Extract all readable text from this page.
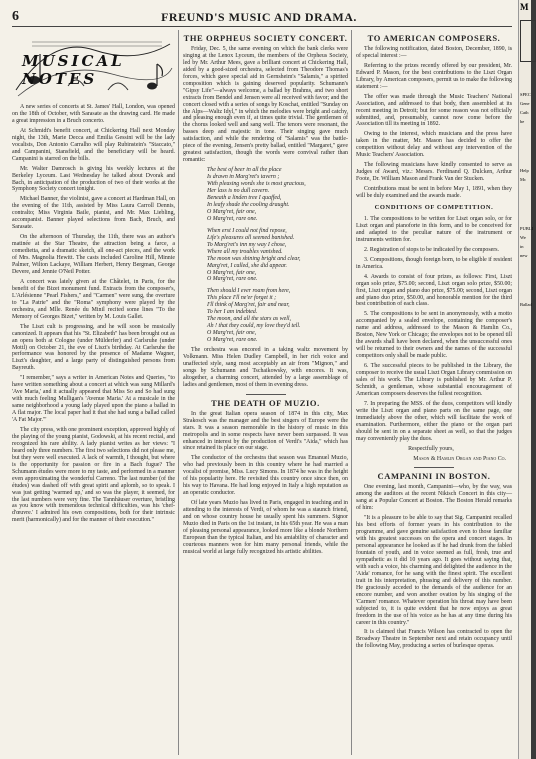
6	FREUND'S MUSIC AND DRAMA.
MUSICAL NOTES

A new series of concerts at St. James' Hall, London, was opened on the 18th of October, with Sarasate as the drawing card. He made a great impression in a Bruch concerto.

At Schmidt's benefit concert, at Chickering Hall next Monday night, the 13th, Marie Decca and Emilia Gessini will be the lady vocalists, Don Antonio Carralho will play Rubinstein's "Staccato," and Campanini, Stansfield, and the beneficiary will be heard. Campanini is starred on the bills.

Mr. Walter Damrosch is giving his weekly lectures at the Berkeley Lyceum. Last Wednesday he talked about Dvorak and Bach, in anticipation of the production of two of their works at the Symphony Society concert tonight.

Michael Banner, the violinist, gave a concert at Hardman Hall, on the evening of the 11th, assisted by Miss Laura Carroll Dennis, contralto; Miss Virginia Baile, pianist, and Mr. Max Liebling, accompanist. Banner played selections from Bach, Bruch, and Sarasate.

On the afternoon of Thursday, the 11th, there was an author's matinée at the Star Theatre, the attraction being a farce, a comedietta, and a dramatic sketch, all one-act pieces, and the work of Mrs. Magnolia Hewitt. The casts included Caroline Hill, Minnie Palmer, Wilton Lackaye, William Herbert, Henry Bergman, George Devere, and Jennie O'Neil Potter.

A concert was lately given at the Châtelet, in Paris, for the benefit of the Bizet monument fund. Extracts from the composer's, L'Arlésienne "Pearl Fishers," and "Carmen" were sung, the overture to "La Patrie" and the "Roma" symphony were played by the orchestra, and Mlle. Renée du Minil recited some lines "To the Memory of Georges Bizet," written by M. Louis Gallet.

The Liszt cult is progressing, and he will soon be musically canonized. It appears that his "St. Elizabeth" has been brought out as an opera both at Cologne (under Mülderfer) and Carlsruhe (under Mottl) on October 21, the eve of Liszt's birthday. At Carlsruhe the performance was honored by the presence of Madame Wagner, Liszt's daughter, and a large party of distinguished persons from Bayreuth.

"I remember," says a writer in American Notes and Queries, "to have written something about a concert at which was sung Millard's 'Ave Maria,' and it actually appeared that Miss So and So had sung with much feeling Mulligan's 'Avenue Maria.' At a musicale in the same neighborhood a young lady played upon the piano a ballad in A flat major. The local paper had it that she had sung a ballad called 'A Fat Major.'"

The city press, with one prominent exception, approved highly of the playing of the young pianist, Godowski, at his recent recital, and recognized his rare ability. A lady pianist writes as her views: "I heard only three numbers. The first two selections did not please me, but they were well executed. A lack of warmth, I thought, but where is the opportunity for passion or fire in a Bach fugue? The Schumann études were more to my taste, and performed in a manner even approximating the wonderful Carreno. The last number (of the études) was dashed off with great spirit and aplomb, so to speak. I was just getting 'warmed up,' and so was the player, it seemed, for the last numbers were very fine. The Tannhäuser overture, bristling as you know with tremendous technical difficulties, was his 'chef-d'œuvre.' I admired his own compositions, both for their intrinsic merit (harmonically) and for the manner of their execution."

THE ORPHEUS SOCIETY CONCERT.

Friday, Dec. 5, the same evening on which the bank clerks were singing at the Lenox Lyceum, the members of the Orpheus Society, led by Mr. Arthur Mees, gave a brilliant concert at Chickering Hall, aided by a good-sized orchestra, selected from Theodore Thomas's forces, which gave special aid in Gernsheim's "Salamis," a spirited composition which is gaining deserved popularity. Schumann's "Gipsy Life"—always welcome, a ballad by Brahms, and two short extracts from Bendel and Jensen were all received with favor; and the concert closed with a series of songs by Koschat, entitled "Sunday on the Alps—Waltz Idyl," in which the melodies were bright and catchy, and pleasing enough even if, at times quite trivial. The gentlemen of the chorus looked well and sang well. The tenors were resonant, the basses deep and majestic in tone. Their singing gave much satisfaction, and while the rendering of "Salamis" was the battle-piece of the evening, Jensen's pretty ballad, entitled "Margaret," gave greatest satisfaction, though the words were convival rather than romantic:

The best of beer in all the place
Is drawn in Marg'ret's tavern ;
With pleasing words she is most gracious,
Her lass is no dull cavern.
Beneath a linden tree I quaffed,
In leafy shade the cooling draught.
O Marg'ret, fair one,
O Marg'ret, rare one.
When erst I could not find repose,
Life's pleasures all seemed banished.
To Marg'ret's inn my way I chose,
Where all my troubles vanished.
The moon was shining bright and clear,
Marg'ret, I called, she did appear.
O Marg'ret, fair one,
O Marg'ret, rare one.
Then should I ever roam from here,
This place I'll ne'er forget it ;
I'll think of Marg'ret, fair and near,
To her I am indebted.
The moon, and all the stars as well,
Ah ! that they could, my love they'd tell.
O Marg'ret, fair one,
O Marg'ret, rare one.

The orchestra was encored in a taking waltz movement by Volkmann. Miss Helen Dudley Campbell, in her rich voice and unaffected style, sang most acceptably an air from "Mignon," and songs by Schumann and Tschaikowsky, with encores. It was, altogether, a charming concert, attended by a large assemblage of ladies and gentlemen, most of them in evening dress.

THE DEATH OF MUZIO.

In the great Italian opera season of 1874 in this city, Max Strakosch was the manager and the best singers of Europe were the stars. It was a season memorable in the history of music in this metropolis and in some respects have never been surpassed. It was enhanced in interest by the production of Verdi's "Aida," which has since retained its place on our stage.

The conductor of the orchestra that season was Emanuel Muzio, who had previously been in this country where he had married a vocalist of promise, Miss. Lucy Simons. In 1874 he was in the height of his popularity here. He revisited this country once since then, on his way to Havana. He had long enjoyed in Italy a high reputation as an operatic conductor.

Of late years Muzio has lived in Paris, engaged in teaching and in attending to the interests of Verdi, of whom he was a staunch friend, and on whose country house he usually spent his summers. Signor Muzio died in Paris on the 1st instant, in his 65th year. He was a man of pleasing personal appearance, looked more like a blonde Northern European than the typical Italian, and his amiability of character and courteous manners won for him many personal friends, while the musical world at large fully recognized his artistic abilities.

TO AMERICAN COMPOSERS.

The following notification, dated Boston, December, 1890, is of special interest :—

Referring to the prizes recently offered by our president, Mr. Edward P. Mason, for the best contributions to the Liszt Organ Library, by American composers, permit us to make the following statement :—

The offer was made through the Music Teachers' National Association, and addressed to that body, then assembled at its recent meeting in Detroit; but for some reason was not officially submitted, and, presumably, cannot now come before the Association till its meeting in 1892.

Owing to the interest, which musicians and the press have taken in the matter, Mr. Mason has decided to offer the competition without delay and without any intervention of the Music Teachers' Association.

The following musicians have kindly consented to serve as Judges of Award, viz.: Messrs. Ferdinand Q. Dulcken, Arthur Foote, Dr. William Mason and Frank Van der Stucken.

Contributions must be sent in before May 1, 1891, when they will be duly examined and the awards made.

CONDITIONS OF COMPETITION.

1. The compositions to be written for Liszt organ solo, or for Liszt organ and pianoforte in this form, and to be conceived for and adapted to the peculiar nature of the instrument or instruments written for.

2. Registration of stops to be indicated by the composers.

3. Compositions, though foreign born, to be eligible if resident in America.

4. Awards to consist of four prizes, as follows: First, Liszt organ solo prize, $75.00; second, Liszt organ solo prize, $50.00; first, Liszt organ and piano duo prize, $75.00; second, Liszt organ and piano duo prize, $50.00, and honorable mention for the third best contribution of each class.

5. The compositions to be sent in anonymously, with a motto accompanied by a sealed envelope, containing the composer's name and address, addressed to the Mason & Hamlin Co., Boston, New York or Chicago; the envelopes not to be opened till the awards shall have been declared, when the unsuccessful ones will be returned to their owners and the names of the successful competitors only shall be made public.

6. The successful pieces to be published in the Library, the composer to receive the usual Liszt Organ Library commission on sales of his work. The Library is published by Mr. Arthur P. Schmidt, a gentleman, whose substantial encouragement of American composers deserves the fullest recognition.

7. In preparing the MSS. of the duos, competitors will kindly write the Liszt organ and piano parts on the same page, one immediately above the other, which will facilitate the work of examination. Furthermore, either the piano or the organ part should be sent in on a separate sheet as well, so that the judges may conveniently play the duos.

Respectfully yours,
Mason & Hamlin Organ and Piano Co.
CAMPANINI IN BOSTON.

One evening, last month, Campanini—who, by the way, was among the auditors at the recent Nikisch Concert in this city—sang at a Popular Concert at Boston. The Boston Herald remarks of him:

"It is a pleasure to be able to say that Sig. Campanini recalled his best efforts of former years in his contribution to the programme, and gave genuine satisfaction even to those familiar with his greatest successes on the opera and concert stages. In personal appearance he looked as if he had drunk from the fabled fountain of youth, and in voice seemed as full, fresh, true and sympathetic as it did 10 years ago. It goes without saying that, with such a voice, his charming and delighted the audience in the 'Aida' romance, for he sang with the finest spirit. The excellent trait in his interpretation, phrasing and delivery of this number. He graciously acceded to the demands of the audience for an encore number, and won another ovation by his singing of the 'Carmen' romance. Whatever operation his throat may have been subjected to, it is quite evident that he now enjoys as great freedom in the use of his voice as he has at any time during his career in this country."

It is claimed that Francis Wilson has contracted to open the Broadway Theatre in September next and retain occupancy until the following May, producing a series of burlesque operas.

M
SPEC
Gene
Cath
be
Help
Mc
PUBLI
We
in
new
Ballad
